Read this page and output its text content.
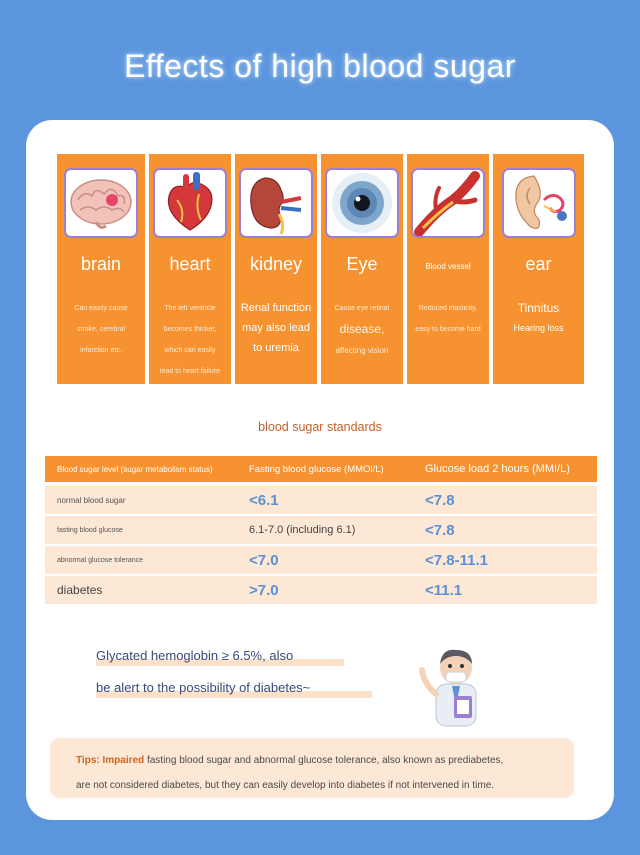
Effects of high blood sugar
brain
Can easily cause
stroke, cerebral
infarction etc.
heart
The left ventricle
becomes thicker,
which can easily
lead to heart failure
kidney
Renal function
may also lead
to uremia
Eye
Cause eye retinal
disease,
affecting vision
Blood vessel
Reduced elasticity,
easy to become hard
ear
Tinnitus
Hearing loss
blood sugar standards
Blood sugar level (sugar metabolism status)	Fasting blood glucose (MMOl/L)	Glucose load 2 hours (MMI/L)
normal blood sugar	<6.1	<7.8
fasting blood glucose	6.1-7.0 (including 6.1)	<7.8
abnormal glucose tolerance	<7.0	<7.8-11.1
diabetes	>7.0	<11.1
Glycated hemoglobin ≥ 6.5%, also
be alert to the possibility of diabetes~
Tips: Impaired fasting blood sugar and abnormal glucose tolerance, also known as prediabetes,
are not considered diabetes, but they can easily develop into diabetes if not intervened in time.
